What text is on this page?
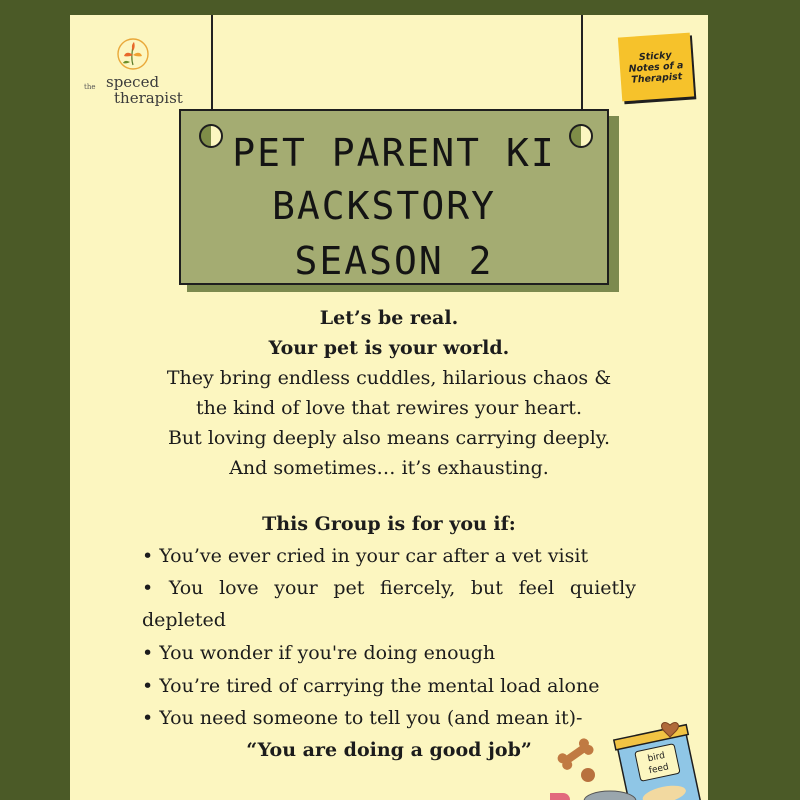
the speced
therapist
Sticky
Notes of a
Therapist
PET PARENT KI
BACKSTORY
SEASON 2
Let’s be real.
Your pet is your world.
They bring endless cuddles, hilarious chaos &
the kind of love that rewires your heart.
But loving deeply also means carrying deeply.
And sometimes… it’s exhausting.
This Group is for you if:
• You’ve ever cried in your car after a vet visit
• You love your pet fiercely, but feel quietly
depleted
• You wonder if you're doing enough
• You’re tired of carrying the mental load alone
• You need someone to tell you (and mean it)-
“You are doing a good job”	bird
feed
